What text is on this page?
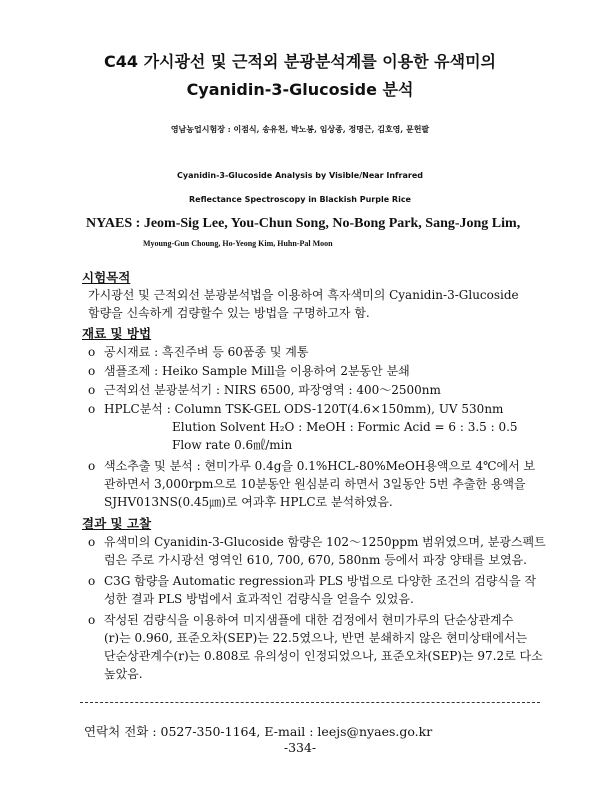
C44 가시광선 및 근적외 분광분석계를 이용한 유색미의
Cyanidin-3-Glucoside 분석
영남농업시험장 : 이점식, 송유천, 박노봉, 임상종, 정명근, 김호영, 문헌팔
Cyanidin-3-Glucoside Analysis by Visible/Near Infrared
Reflectance Spectroscopy in Blackish Purple Rice
NYAES : Jeom-Sig Lee, You-Chun Song, No-Bong Park, Sang-Jong Lim,
Myoung-Gun Choung, Ho-Yeong Kim, Huhn-Pal Moon
시험목적
가시광선 및 근적외선 분광분석법을 이용하여 흑자색미의 Cyanidin-3-Glucoside
함량을 신속하게 검량할수 있는 방법을 구명하고자 함.
재료 및 방법
o 공시재료 : 흑진주벼 등 60품종 및 계통
o 샘플조제 : Heiko Sample Mill을 이용하여 2분동안 분쇄
o 근적외선 분광분석기 : NIRS 6500, 파장영역 : 400～2500nm
o HPLC분석 : Column TSK-GEL ODS-120T(4.6×150mm), UV 530nm
Elution Solvent H₂O : MeOH : Formic Acid = 6 : 3.5 : 0.5
Flow rate 0.6㎖/min
o 색소추출 및 분석 : 현미가루 0.4g을 0.1%HCL-80%MeOH용액으로 4℃에서 보
관하면서 3,000rpm으로 10분동안 원심분리 하면서 3일동안 5번 추출한 용액을
SJHV013NS(0.45㎛)로 여과후 HPLC로 분석하였음.
결과 및 고찰
o 유색미의 Cyanidin-3-Glucoside 함량은 102～1250ppm 범위였으며, 분광스펙트
럼은 주로 가시광선 영역인 610, 700, 670, 580nm 등에서 파장 양태를 보였음.
o C3G 함량을 Automatic regression과 PLS 방법으로 다양한 조건의 검량식을 작
성한 결과 PLS 방법에서 효과적인 검량식을 얻을수 있었음.
o 작성된 검량식을 이용하여 미지샘플에 대한 검정에서 현미가루의 단순상관계수
(r)는 0.960, 표준오차(SEP)는 22.5였으나, 반면 분쇄하지 않은 현미상태에서는
단순상관계수(r)는 0.808로 유의성이 인정되었으나, 표준오차(SEP)는 97.2로 다소
높았음.
연락처 전화 : 0527-350-1164, E-mail : leejs@nyaes.go.kr
-334-
